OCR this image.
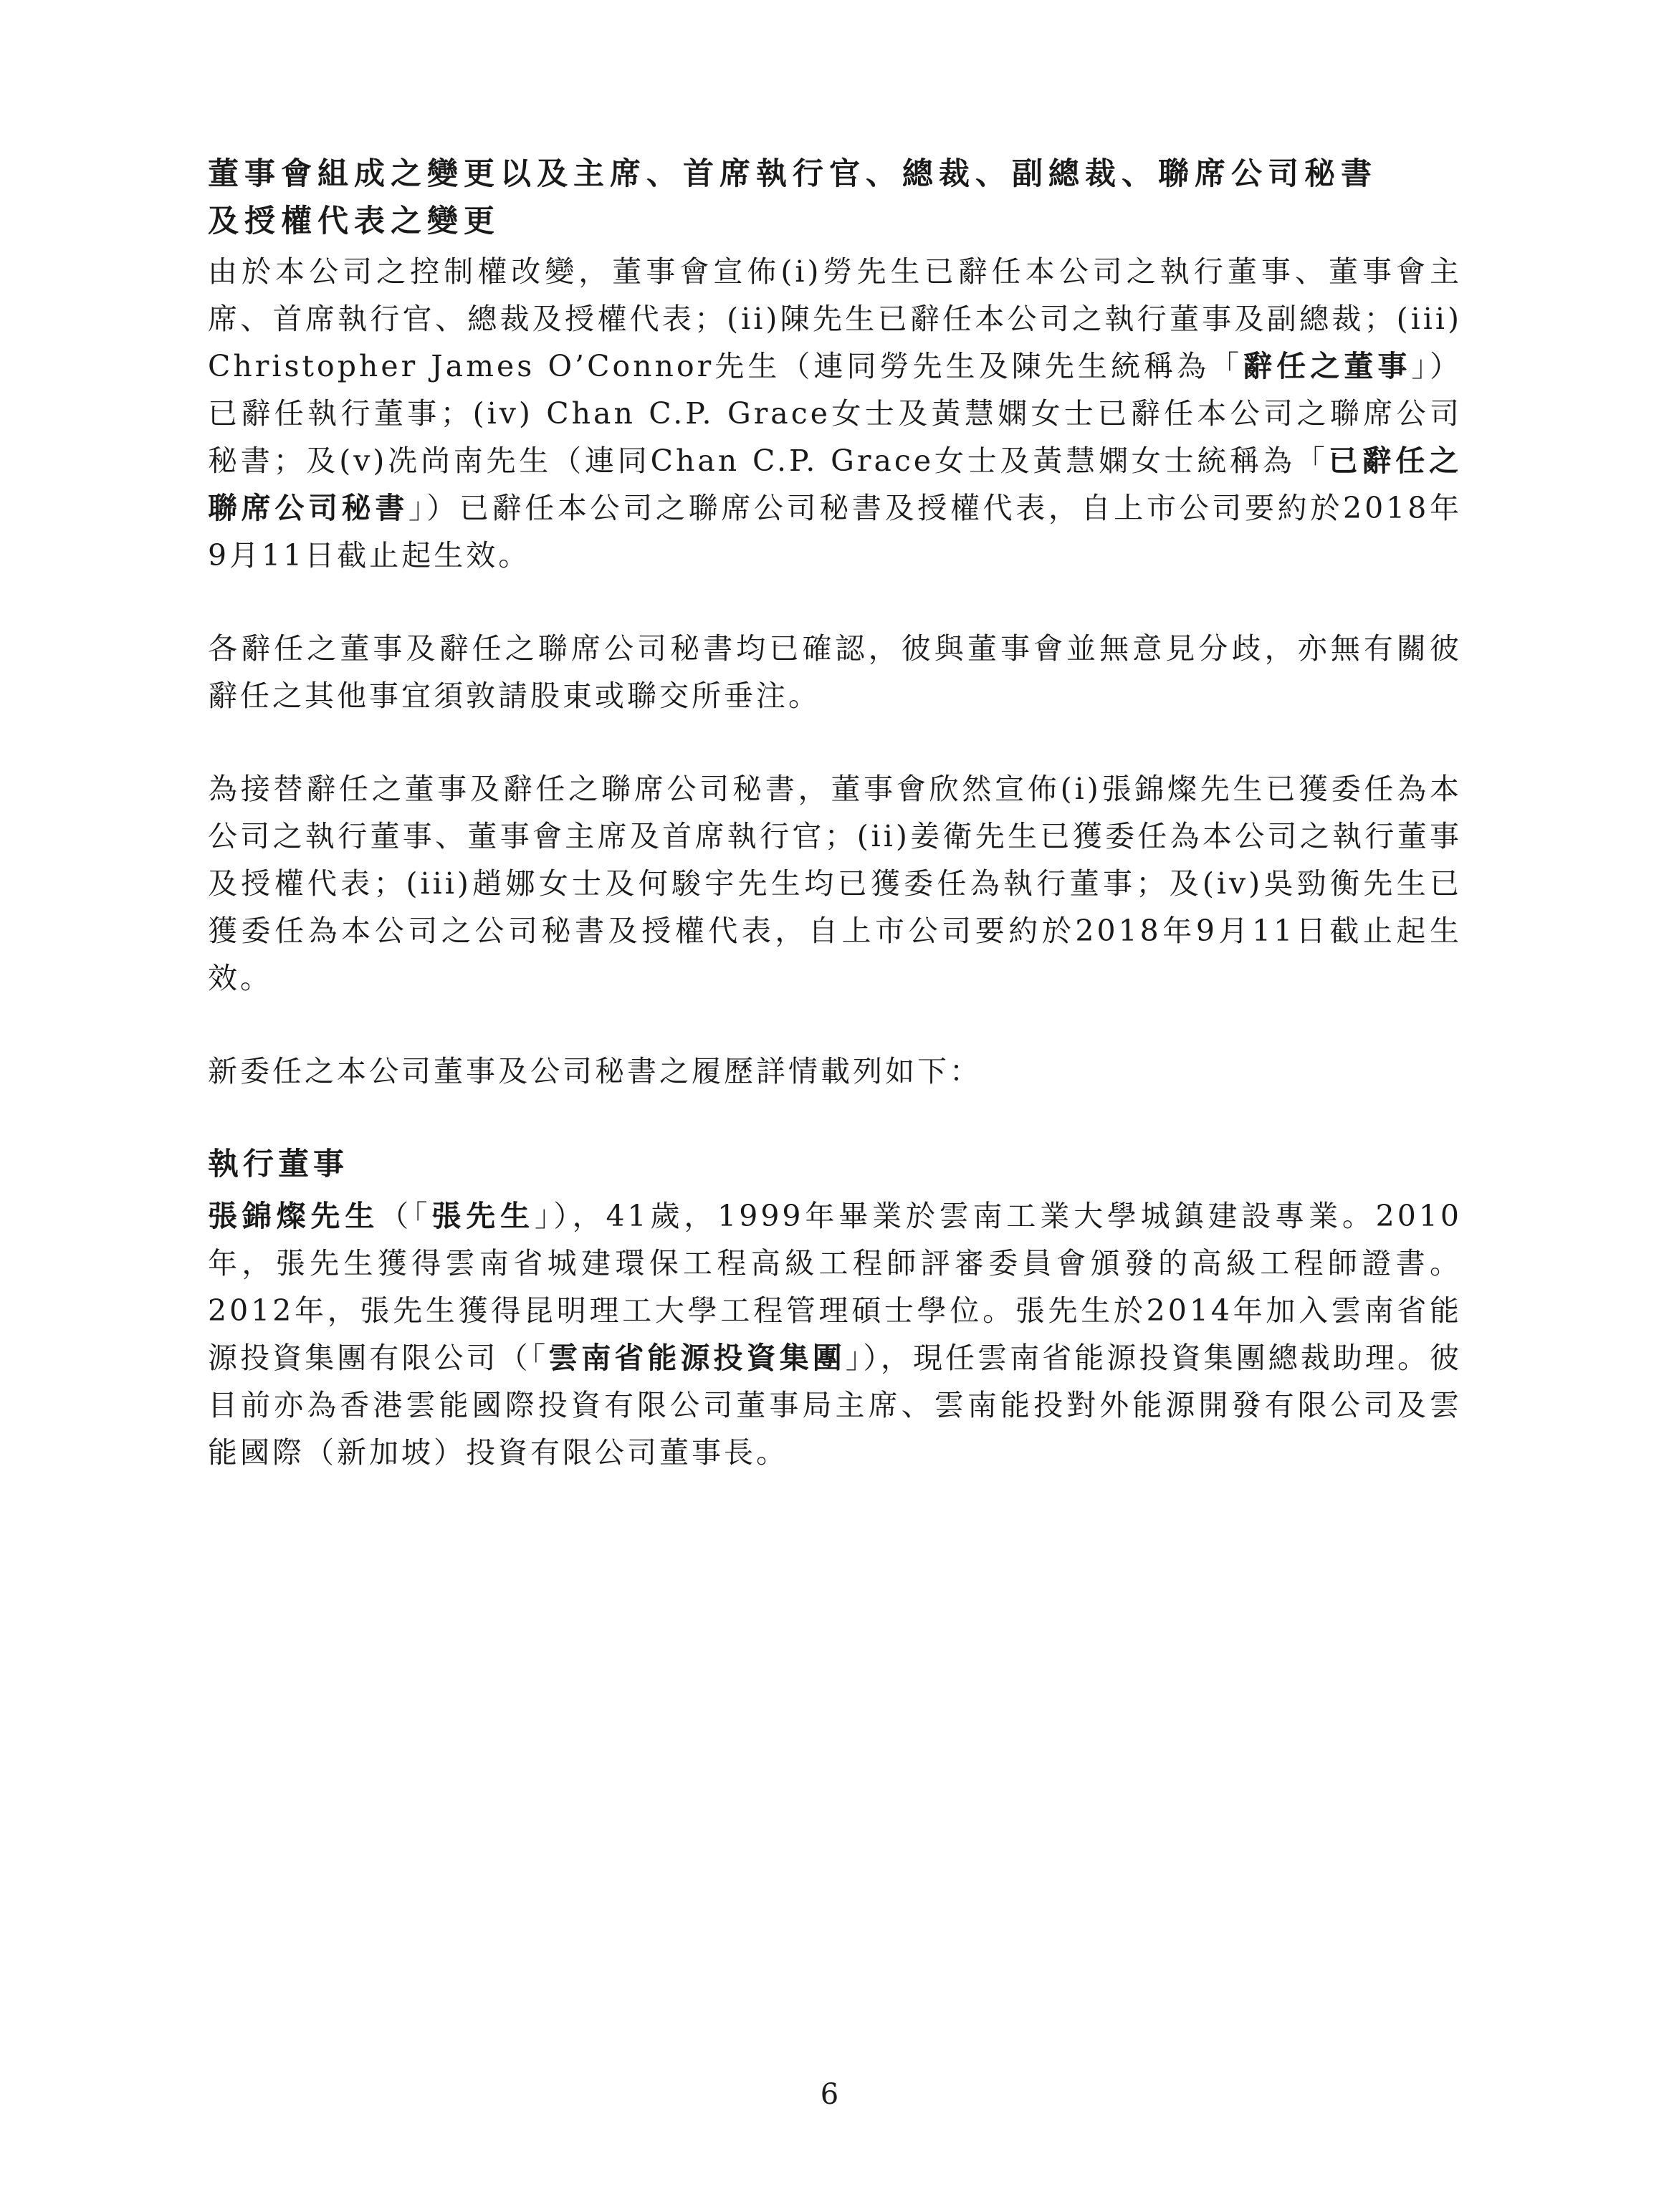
董事會組成之變更以及主席、首席執行官、總裁、副總裁、聯席公司秘書
及授權代表之變更

由於本公司之控制權改變，董事會宣佈(i)勞先生已辭任本公司之執行董事、董事會主席、首席執行官、總裁及授權代表；(ii)陳先生已辭任本公司之執行董事及副總裁；(iii) Christopher James O’Connor先生（連同勞先生及陳先生統稱為「辭任之董事」）已辭任執行董事；(iv) Chan C.P. Grace女士及黃慧嫻女士已辭任本公司之聯席公司秘書；及(v)冼尚南先生（連同Chan C.P. Grace女士及黃慧嫻女士統稱為「已辭任之聯席公司秘書」）已辭任本公司之聯席公司秘書及授權代表，自上市公司要約於2018年9月11日截止起生效。

各辭任之董事及辭任之聯席公司秘書均已確認，彼與董事會並無意見分歧，亦無有關彼辭任之其他事宜須敦請股東或聯交所垂注。

為接替辭任之董事及辭任之聯席公司秘書，董事會欣然宣佈(i)張錦燦先生已獲委任為本公司之執行董事、董事會主席及首席執行官；(ii)姜衛先生已獲委任為本公司之執行董事及授權代表；(iii)趙娜女士及何駿宇先生均已獲委任為執行董事；及(iv)吳勁衡先生已獲委任為本公司之公司秘書及授權代表，自上市公司要約於2018年9月11日截止起生效。

新委任之本公司董事及公司秘書之履歷詳情載列如下：

執行董事

張錦燦先生（「張先生」），41歲，1999年畢業於雲南工業大學城鎮建設專業。2010年，張先生獲得雲南省城建環保工程高級工程師評審委員會頒發的高級工程師證書。2012年，張先生獲得昆明理工大學工程管理碩士學位。張先生於2014年加入雲南省能源投資集團有限公司（「雲南省能源投資集團」），現任雲南省能源投資集團總裁助理。彼目前亦為香港雲能國際投資有限公司董事局主席、雲南能投對外能源開發有限公司及雲能國際（新加坡）投資有限公司董事長。

6
